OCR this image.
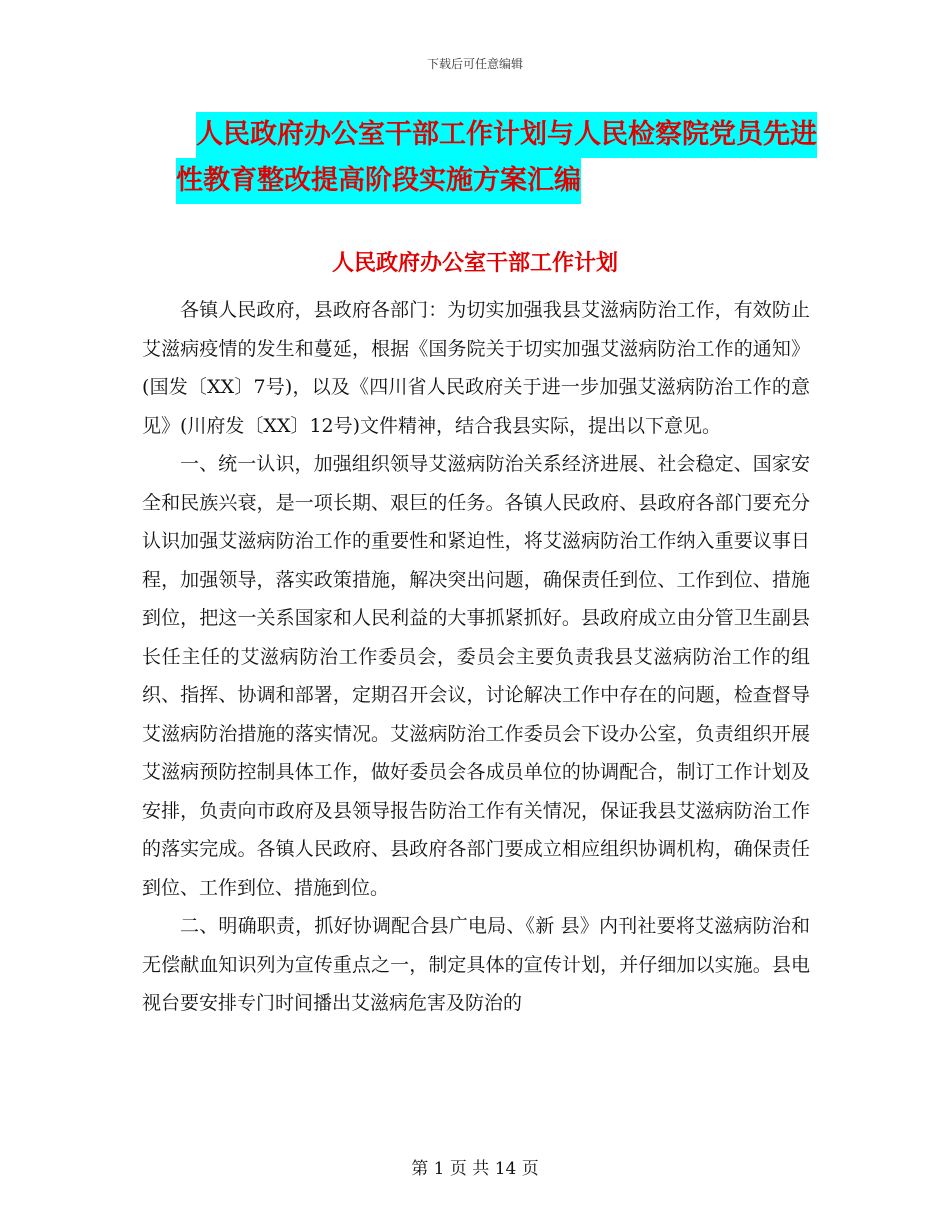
下载后可任意编辑
人民政府办公室干部工作计划与人民检察院党员先进
性教育整改提高阶段实施方案汇编
人民政府办公室干部工作计划

各镇人民政府，县政府各部门：为切实加强我县艾滋病防治工作，有效防止艾滋病疫情的发生和蔓延，根据《国务院关于切实加强艾滋病防治工作的通知》(国发〔XX〕7号)，以及《四川省人民政府关于进一步加强艾滋病防治工作的意见》(川府发〔XX〕12号)文件精神，结合我县实际，提出以下意见。

一、统一认识，加强组织领导艾滋病防治关系经济进展、社会稳定、国家安全和民族兴衰，是一项长期、艰巨的任务。各镇人民政府、县政府各部门要充分认识加强艾滋病防治工作的重要性和紧迫性，将艾滋病防治工作纳入重要议事日程，加强领导，落实政策措施，解决突出问题，确保责任到位、工作到位、措施到位，把这一关系国家和人民利益的大事抓紧抓好。县政府成立由分管卫生副县长任主任的艾滋病防治工作委员会，委员会主要负责我县艾滋病防治工作的组织、指挥、协调和部署，定期召开会议，讨论解决工作中存在的问题，检查督导艾滋病防治措施的落实情况。艾滋病防治工作委员会下设办公室，负责组织开展艾滋病预防控制具体工作，做好委员会各成员单位的协调配合，制订工作计划及安排，负责向市政府及县领导报告防治工作有关情况，保证我县艾滋病防治工作的落实完成。各镇人民政府、县政府各部门要成立相应组织协调机构，确保责任到位、工作到位、措施到位。

二、明确职责，抓好协调配合县广电局、《新 县》内刊社要将艾滋病防治和无偿献血知识列为宣传重点之一，制定具体的宣传计划，并仔细加以实施。县电视台要安排专门时间播出艾滋病危害及防治的

第 1 页 共 14 页
